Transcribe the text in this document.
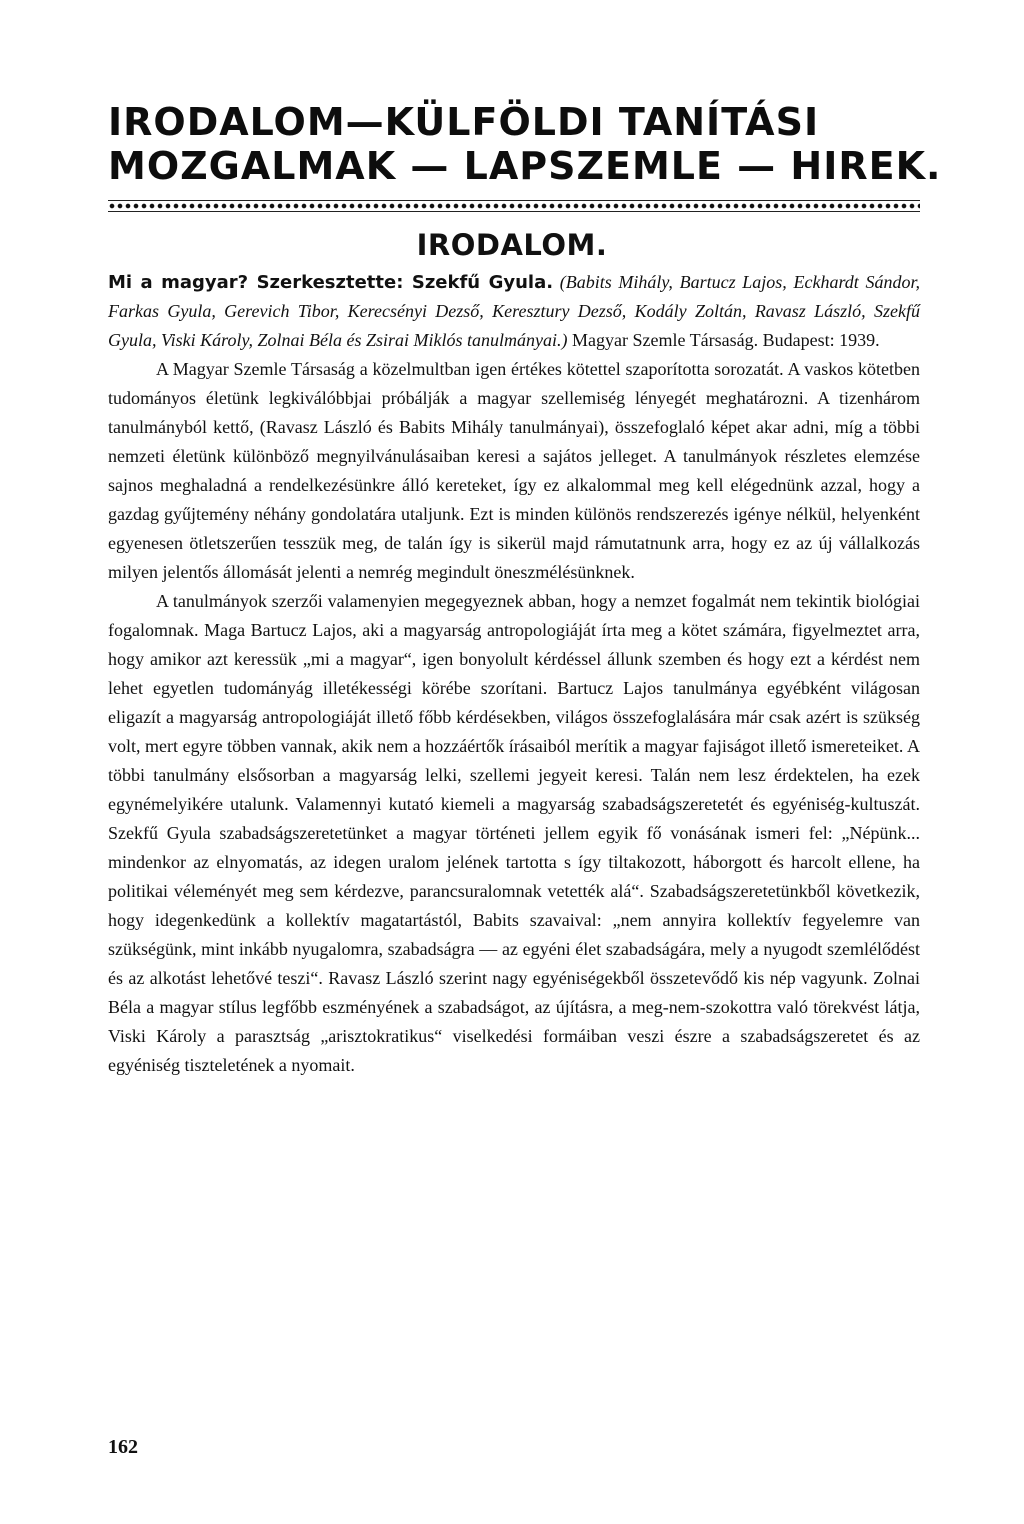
IRODALOM—KÜLFÖLDI TANÍTÁSI
MOZGALMAK — LAPSZEMLE — HIREK.
IRODALOM.

Mi a magyar? Szerkesztette: Szekfű Gyula. (Babits Mihály, Bartucz Lajos, Eckhardt Sándor, Farkas Gyula, Gerevich Tibor, Kerecsényi Dezső, Keresztury Dezső, Kodály Zoltán, Ravasz László, Szekfű Gyula, Viski Károly, Zolnai Béla és Zsirai Miklós tanulmányai.) Magyar Szemle Társaság. Budapest: 1939.

A Magyar Szemle Társaság a közelmultban igen értékes kötettel szaporította sorozatát. A vaskos kötetben tudományos életünk legkiválóbbjai próbálják a magyar szellemiség lényegét meghatározni. A tizenhárom tanulmányból kettő, (Ravasz László és Babits Mihály tanulmányai), összefoglaló képet akar adni, míg a többi nemzeti életünk különböző megnyilvánulásaiban keresi a sajátos jelleget. A tanulmányok részletes elemzése sajnos meghaladná a rendelkezésünkre álló kereteket, így ez alkalommal meg kell elégednünk azzal, hogy a gazdag gyűjtemény néhány gondolatára utaljunk. Ezt is minden különös rendszerezés igénye nélkül, helyenként egyenesen ötletszerűen tesszük meg, de talán így is sikerül majd rámutatnunk arra, hogy ez az új vállalkozás milyen jelentős állomását jelenti a nemrég megindult öneszmélésünknek.

A tanulmányok szerzői valamenyien megegyeznek abban, hogy a nemzet fogalmát nem tekintik biológiai fogalomnak. Maga Bartucz Lajos, aki a magyarság antropologiáját írta meg a kötet számára, figyelmeztet arra, hogy amikor azt keressük „mi a magyar“, igen bonyolult kérdéssel állunk szemben és hogy ezt a kérdést nem lehet egyetlen tudományág illetékességi körébe szorítani. Bartucz Lajos tanulmánya egyébként világosan eligazít a magyarság antropologiáját illető főbb kérdésekben, világos összefoglalására már csak azért is szükség volt, mert egyre többen vannak, akik nem a hozzáértők írásaiból merítik a magyar fajiságot illető ismereteiket. A többi tanulmány elsősorban a magyarság lelki, szellemi jegyeit keresi. Talán nem lesz érdektelen, ha ezek egynémelyikére utalunk. Valamennyi kutató kiemeli a magyarság szabadságszeretetét és egyéniség-kultuszát. Szekfű Gyula szabadságszeretetünket a magyar történeti jellem egyik fő vonásának ismeri fel: „Népünk... mindenkor az elnyomatás, az idegen uralom jelének tartotta s így tiltakozott, háborgott és harcolt ellene, ha politikai véleményét meg sem kérdezve, parancsuralomnak vetették alá“. Szabadságszeretetünkből következik, hogy idegenkedünk a kollektív magatartástól, Babits szavaival: „nem annyira kollektív fegyelemre van szükségünk, mint inkább nyugalomra, szabadságra — az egyéni élet szabadságára, mely a nyugodt szemlélődést és az alkotást lehetővé teszi“. Ravasz László szerint nagy egyéniségekből összetevődő kis nép vagyunk. Zolnai Béla a magyar stílus legfőbb eszményének a szabadságot, az újításra, a meg-nem-szokottra való törekvést látja, Viski Károly a parasztság „arisztokratikus“ viselkedési formáiban veszi észre a szabadságszeretet és az egyéniség tiszteletének a nyomait.

162
